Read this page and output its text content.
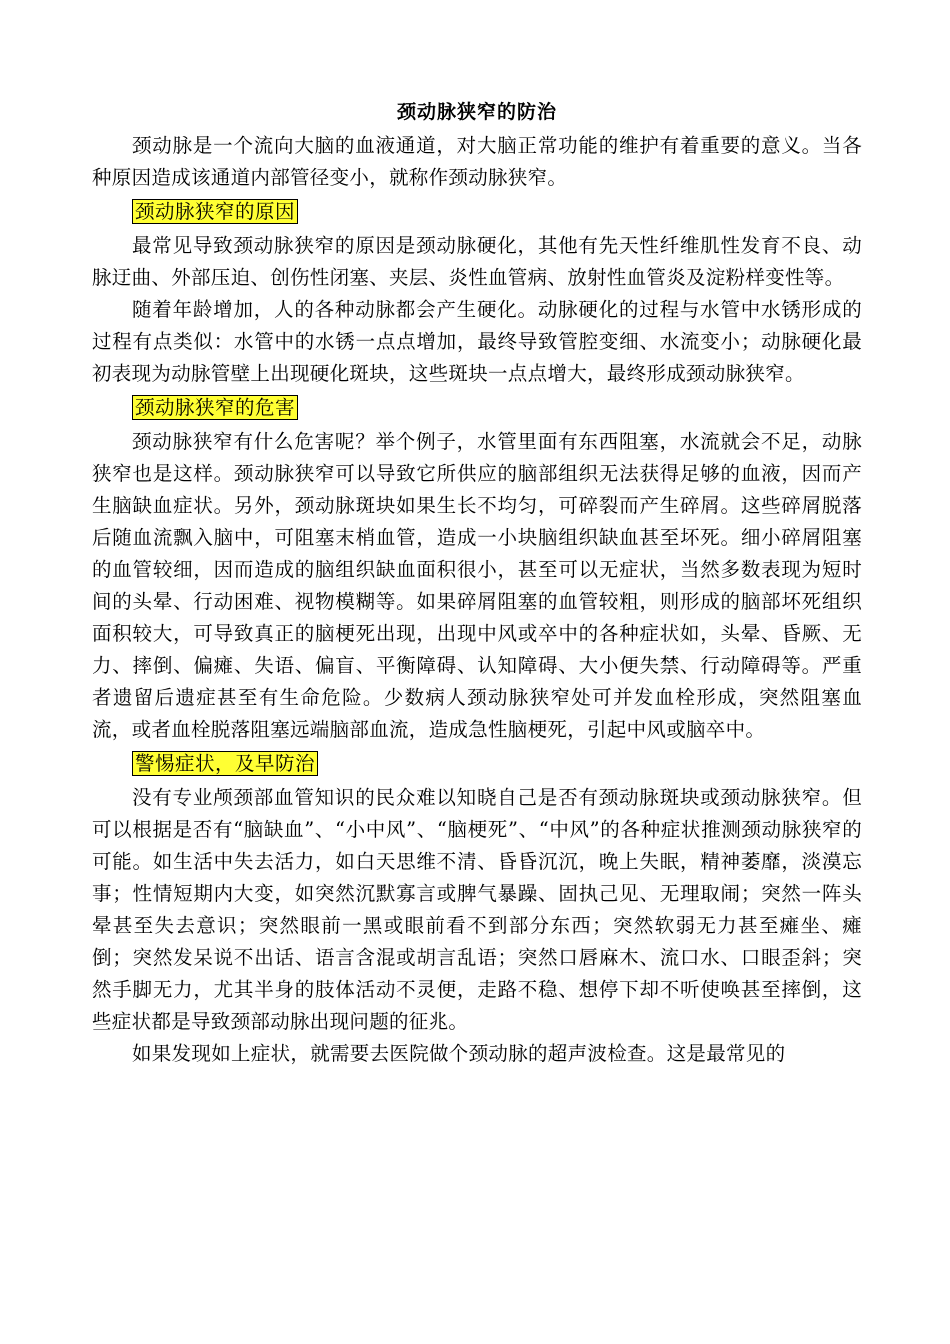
颈动脉狭窄的防治

颈动脉是一个流向大脑的血液通道，对大脑正常功能的维护有着重要的意义。当各种原因造成该通道内部管径变小，就称作颈动脉狭窄。

颈动脉狭窄的原因

最常见导致颈动脉狭窄的原因是颈动脉硬化，其他有先天性纤维肌性发育不良、动脉迂曲、外部压迫、创伤性闭塞、夹层、炎性血管病、放射性血管炎及淀粉样变性等。

随着年龄增加，人的各种动脉都会产生硬化。动脉硬化的过程与水管中水锈形成的过程有点类似：水管中的水锈一点点增加，最终导致管腔变细、水流变小；动脉硬化最初表现为动脉管壁上出现硬化斑块，这些斑块一点点增大，最终形成颈动脉狭窄。

颈动脉狭窄的危害

颈动脉狭窄有什么危害呢？举个例子，水管里面有东西阻塞，水流就会不足，动脉狭窄也是这样。颈动脉狭窄可以导致它所供应的脑部组织无法获得足够的血液，因而产生脑缺血症状。另外，颈动脉斑块如果生长不均匀，可碎裂而产生碎屑。这些碎屑脱落后随血流飘入脑中，可阻塞末梢血管，造成一小块脑组织缺血甚至坏死。细小碎屑阻塞的血管较细，因而造成的脑组织缺血面积很小，甚至可以无症状，当然多数表现为短时间的头晕、行动困难、视物模糊等。如果碎屑阻塞的血管较粗，则形成的脑部坏死组织面积较大，可导致真正的脑梗死出现，出现中风或卒中的各种症状如，头晕、昏厥、无力、摔倒、偏瘫、失语、偏盲、平衡障碍、认知障碍、大小便失禁、行动障碍等。严重者遗留后遗症甚至有生命危险。少数病人颈动脉狭窄处可并发血栓形成，突然阻塞血流，或者血栓脱落阻塞远端脑部血流，造成急性脑梗死，引起中风或脑卒中。

警惕症状，及早防治

没有专业颅颈部血管知识的民众难以知晓自己是否有颈动脉斑块或颈动脉狭窄。但可以根据是否有“脑缺血”、“小中风”、“脑梗死”、“中风”的各种症状推测颈动脉狭窄的可能。如生活中失去活力，如白天思维不清、昏昏沉沉，晚上失眠，精神萎靡，淡漠忘事；性情短期内大变，如突然沉默寡言或脾气暴躁、固执己见、无理取闹；突然一阵头晕甚至失去意识；突然眼前一黑或眼前看不到部分东西；突然软弱无力甚至瘫坐、瘫倒；突然发呆说不出话、语言含混或胡言乱语；突然口唇麻木、流口水、口眼歪斜；突然手脚无力，尤其半身的肢体活动不灵便，走路不稳、想停下却不听使唤甚至摔倒，这些症状都是导致颈部动脉出现问题的征兆。

如果发现如上症状，就需要去医院做个颈动脉的超声波检查。这是最常见的
